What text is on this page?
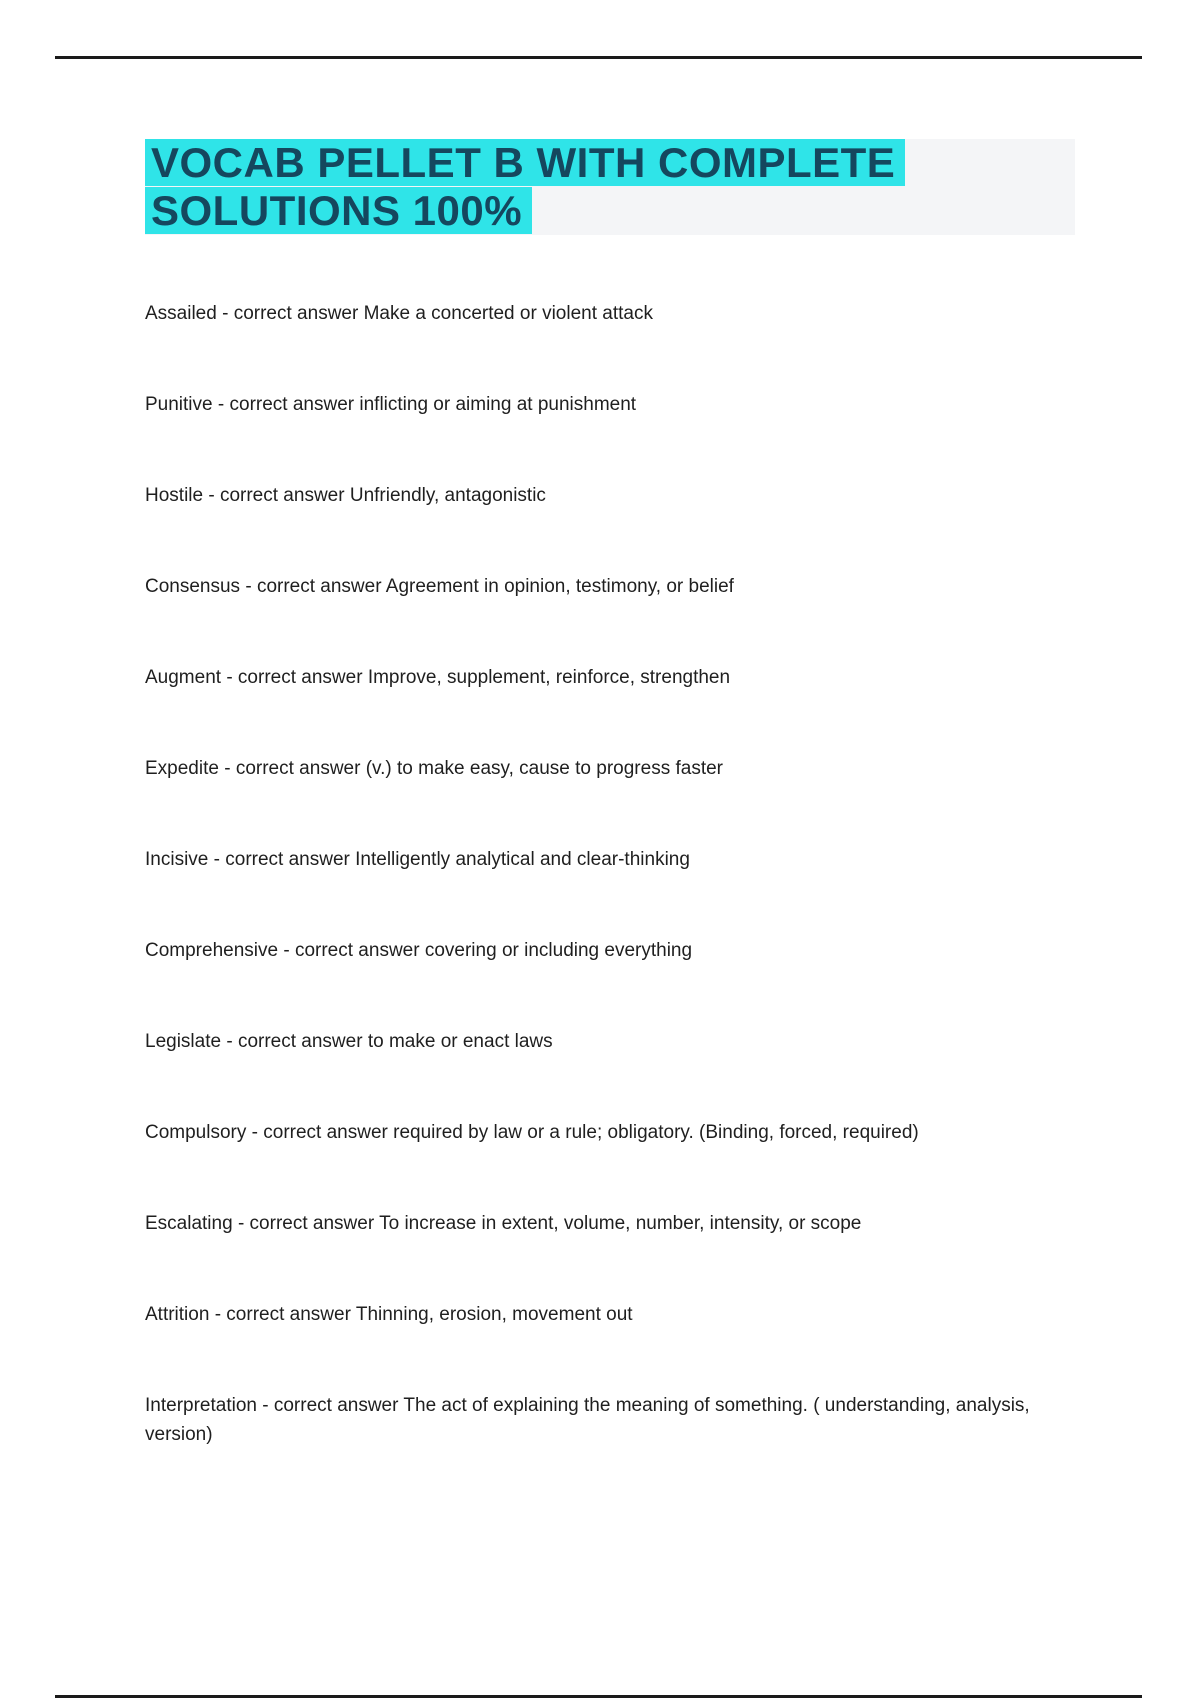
VOCAB PELLET B WITH COMPLETE
SOLUTIONS 100%

Assailed - correct answer Make a concerted or violent attack

Punitive - correct answer inflicting or aiming at punishment

Hostile - correct answer Unfriendly, antagonistic

Consensus - correct answer Agreement in opinion, testimony, or belief

Augment - correct answer Improve, supplement, reinforce, strengthen

Expedite - correct answer (v.) to make easy, cause to progress faster

Incisive - correct answer Intelligently analytical and clear-thinking

Comprehensive - correct answer covering or including everything

Legislate - correct answer to make or enact laws

Compulsory - correct answer required by law or a rule; obligatory. (Binding, forced, required)

Escalating - correct answer To increase in extent, volume, number, intensity, or scope

Attrition - correct answer Thinning, erosion, movement out

Interpretation - correct answer The act of explaining the meaning of something. ( understanding, analysis, version)
